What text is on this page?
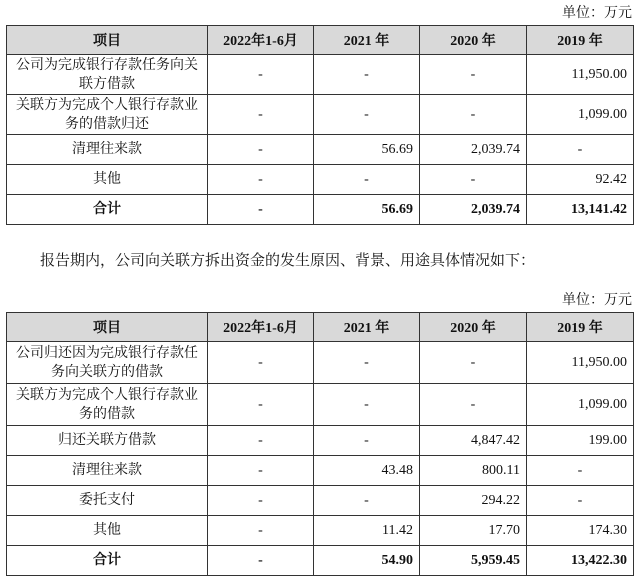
单位：万元
项目	2022年1-6月	2021 年	2020 年	2019 年
公司为完成银行存款任务向关联方借款	-	-	-	11,950.00
关联方为完成个人银行存款业务的借款归还	-	-	-	1,099.00
清理往来款	-	56.69	2,039.74	-
其他	-	-	-	92.42
合计	-	56.69	2,039.74	13,141.42
报告期内，公司向关联方拆出资金的发生原因、背景、用途具体情况如下：
单位：万元
项目	2022年1-6月	2021 年	2020 年	2019 年
公司归还因为完成银行存款任务向关联方的借款	-	-	-	11,950.00
关联方为完成个人银行存款业务的借款	-	-	-	1,099.00
归还关联方借款	-	-	4,847.42	199.00
清理往来款	-	43.48	800.11	-
委托支付	-	-	294.22	-
其他	-	11.42	17.70	174.30
合计	-	54.90	5,959.45	13,422.30
